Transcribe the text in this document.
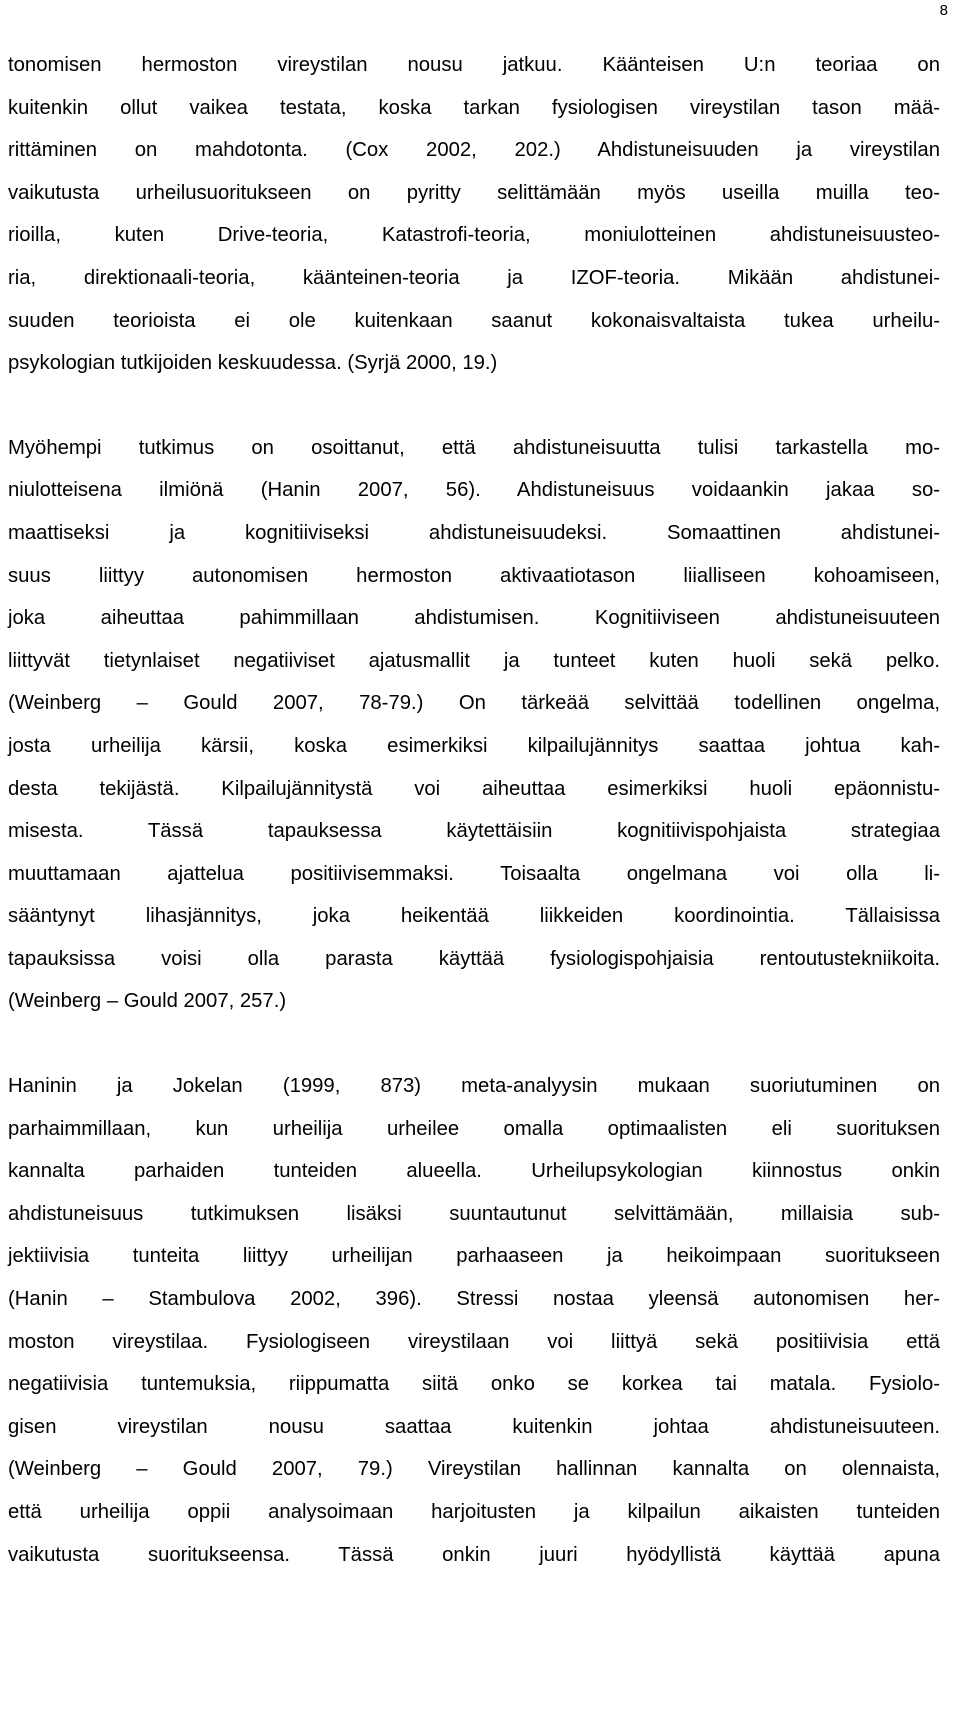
8

tonomisen hermoston vireystilan nousu jatkuu. Käänteisen U:n teoriaa on
kuitenkin ollut vaikea testata, koska tarkan fysiologisen vireystilan tason mää-
rittäminen on mahdotonta. (Cox 2002, 202.) Ahdistuneisuuden ja vireystilan
vaikutusta urheilusuoritukseen on pyritty selittämään myös useilla muilla teo-
rioilla, kuten Drive-teoria, Katastrofi-teoria, moniulotteinen ahdistuneisuusteo-
ria, direktionaali-teoria, käänteinen-teoria ja IZOF-teoria. Mikään ahdistunei-
suuden teorioista ei ole kuitenkaan saanut kokonaisvaltaista tukea urheilu-
psykologian tutkijoiden keskuudessa. (Syrjä 2000, 19.)

Myöhempi tutkimus on osoittanut, että ahdistuneisuutta tulisi tarkastella mo-
niulotteisena ilmiönä (Hanin 2007, 56). Ahdistuneisuus voidaankin jakaa so-
maattiseksi ja kognitiiviseksi ahdistuneisuudeksi. Somaattinen ahdistunei-
suus liittyy autonomisen hermoston aktivaatiotason liialliseen kohoamiseen,
joka aiheuttaa pahimmillaan ahdistumisen. Kognitiiviseen ahdistuneisuuteen
liittyvät tietynlaiset negatiiviset ajatusmallit ja tunteet kuten huoli sekä pelko.
(Weinberg – Gould 2007, 78-79.) On tärkeää selvittää todellinen ongelma,
josta urheilija kärsii, koska esimerkiksi kilpailujännitys saattaa johtua kah-
desta tekijästä. Kilpailujännitystä voi aiheuttaa esimerkiksi huoli epäonnistu-
misesta. Tässä tapauksessa käytettäisiin kognitiivispohjaista strategiaa
muuttamaan ajattelua positiivisemmaksi. Toisaalta ongelmana voi olla li-
sääntynyt lihasjännitys, joka heikentää liikkeiden koordinointia. Tällaisissa
tapauksissa voisi olla parasta käyttää fysiologispohjaisia rentoutustekniikoita.
(Weinberg – Gould 2007, 257.)

Haninin ja Jokelan (1999, 873) meta-analyysin mukaan suoriutuminen on
parhaimmillaan, kun urheilija urheilee omalla optimaalisten eli suorituksen
kannalta parhaiden tunteiden alueella. Urheilupsykologian kiinnostus onkin
ahdistuneisuus tutkimuksen lisäksi suuntautunut selvittämään, millaisia sub-
jektiivisia tunteita liittyy urheilijan parhaaseen ja heikoimpaan suoritukseen
(Hanin – Stambulova 2002, 396). Stressi nostaa yleensä autonomisen her-
moston vireystilaa. Fysiologiseen vireystilaan voi liittyä sekä positiivisia että
negatiivisia tuntemuksia, riippumatta siitä onko se korkea tai matala. Fysiolo-
gisen vireystilan nousu saattaa kuitenkin johtaa ahdistuneisuuteen.
(Weinberg – Gould 2007, 79.) Vireystilan hallinnan kannalta on olennaista,
että urheilija oppii analysoimaan harjoitusten ja kilpailun aikaisten tunteiden
vaikutusta suoritukseensa. Tässä onkin juuri hyödyllistä käyttää apuna
